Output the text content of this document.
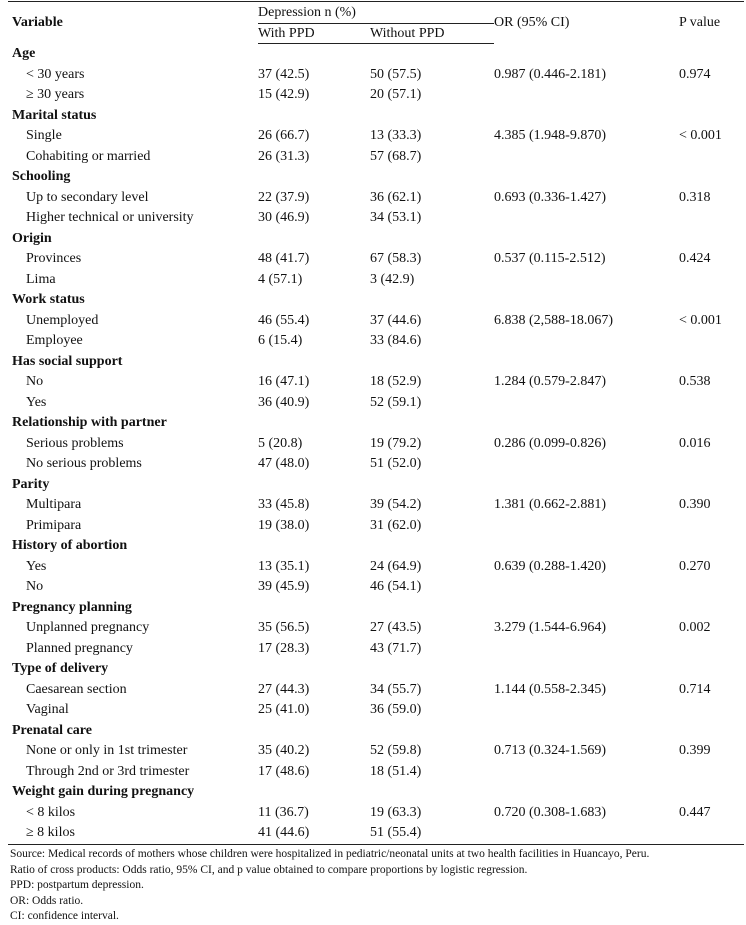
Variable	Depression n (%)		OR (95% CI)	P value
	With PPD	Without PPD		
Age				
< 30 years	37 (42.5)	50 (57.5)	0.987 (0.446-2.181)	0.974
≥ 30 years	15 (42.9)	20 (57.1)		
Marital status				
Single	26 (66.7)	13 (33.3)	4.385 (1.948-9.870)	< 0.001
Cohabiting or married	26 (31.3)	57 (68.7)		
Schooling				
Up to secondary level	22 (37.9)	36 (62.1)	0.693 (0.336-1.427)	0.318
Higher technical or university	30 (46.9)	34 (53.1)		
Origin				
Provinces	48 (41.7)	67 (58.3)	0.537 (0.115-2.512)	0.424
Lima	4 (57.1)	3 (42.9)		
Work status				
Unemployed	46 (55.4)	37 (44.6)	6.838 (2,588-18.067)	< 0.001
Employee	6 (15.4)	33 (84.6)		
Has social support				
No	16 (47.1)	18 (52.9)	1.284 (0.579-2.847)	0.538
Yes	36 (40.9)	52 (59.1)		
Relationship with partner				
Serious problems	5 (20.8)	19 (79.2)	0.286 (0.099-0.826)	0.016
No serious problems	47 (48.0)	51 (52.0)		
Parity				
Multipara	33 (45.8)	39 (54.2)	1.381 (0.662-2.881)	0.390
Primipara	19 (38.0)	31 (62.0)		
History of abortion				
Yes	13 (35.1)	24 (64.9)	0.639 (0.288-1.420)	0.270
No	39 (45.9)	46 (54.1)		
Pregnancy planning				
Unplanned pregnancy	35 (56.5)	27 (43.5)	3.279 (1.544-6.964)	0.002
Planned pregnancy	17 (28.3)	43 (71.7)		
Type of delivery				
Caesarean section	27 (44.3)	34 (55.7)	1.144 (0.558-2.345)	0.714
Vaginal	25 (41.0)	36 (59.0)		
Prenatal care				
None or only in 1st trimester	35 (40.2)	52 (59.8)	0.713 (0.324-1.569)	0.399
Through 2nd or 3rd trimester	17 (48.6)	18 (51.4)		
Weight gain during pregnancy				
< 8 kilos	11 (36.7)	19 (63.3)	0.720 (0.308-1.683)	0.447
≥ 8 kilos	41 (44.6)	51 (55.4)		
Source: Medical records of mothers whose children were hospitalized in pediatric/neonatal units at two health facilities in Huancayo, Peru.
Ratio of cross products: Odds ratio, 95% CI, and p value obtained to compare proportions by logistic regression.
PPD: postpartum depression.
OR: Odds ratio.
CI: confidence interval.
